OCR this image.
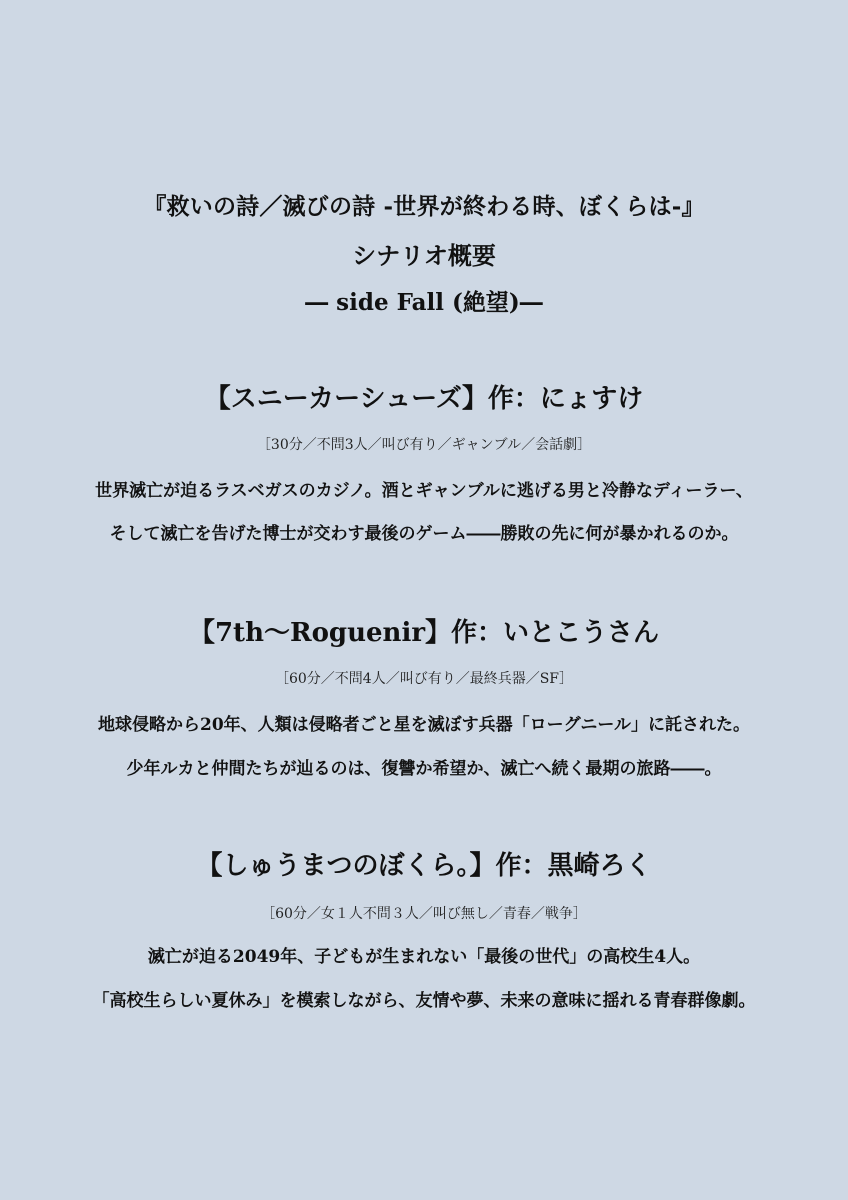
『救いの詩／滅びの詩 -世界が終わる時、ぼくらは-』
シナリオ概要
― side Fall (絶望)―
【スニーカーシューズ】作：にょすけ
［30分／不問3人／叫び有り／ギャンブル／会話劇］
世界滅亡が迫るラスベガスのカジノ。酒とギャンブルに逃げる男と冷静なディーラー、
そして滅亡を告げた博士が交わす最後のゲーム――勝敗の先に何が暴かれるのか。
【7th～Roguenir】作：いとこうさん
［60分／不問4人／叫び有り／最終兵器／SF］
地球侵略から20年、人類は侵略者ごと星を滅ぼす兵器「ローグニール」に託された。
少年ルカと仲間たちが辿るのは、復讐か希望か、滅亡へ続く最期の旅路――。
【しゅうまつのぼくら。】作：黒崎ろく
［60分／女１人不問３人／叫び無し／青春／戦争］
滅亡が迫る2049年、子どもが生まれない「最後の世代」の高校生4人。
「高校生らしい夏休み」を模索しながら、友情や夢、未来の意味に揺れる青春群像劇。
